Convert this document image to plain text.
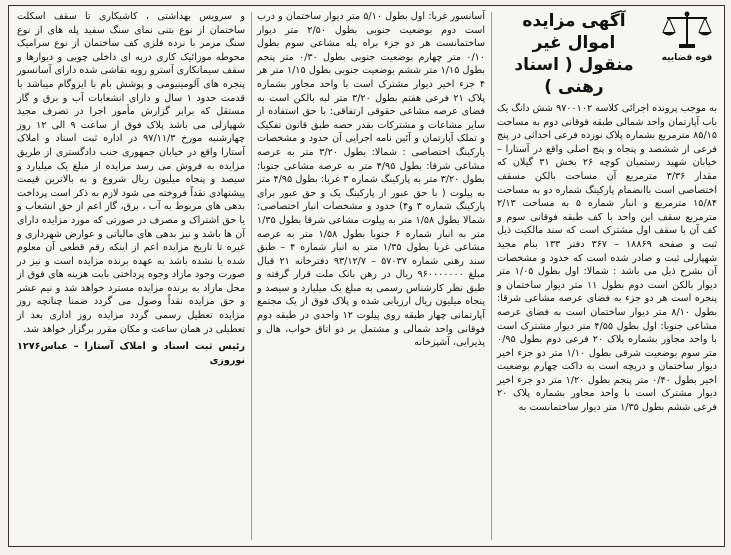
قوه قضاییه
آگهی مزایده اموال غیر
منقول ( اسناد رهنی )

به موجب پرونده اجرائی کلاسه ۹۷۰۰۱۰۲ شش دانگ یک باب آپارتمان واحد شمالی طبقه فوقانی دوم به مساحت ۸۵/۱۵ مترمربع بشماره پلاک نوزده فرعی احداثی در پنج فرعی از ششصد و پنجاه و پنج اصلی واقع در آستارا – خیابان شهید رستمیان کوچه ۲۶ بخش ۳۱ گیلان که مقدار ۳/۳۶ مترمربع آن مساحت بالکن مسقف اختصاصی است باانضمام پارکینگ شماره دو به مساحت ۱۵/۸۴ مترمربع و انبار شماره ۵ به مساحت ۲/۱۳ مترمربع سقف این واحد با کف طبقه فوقانی سوم و کف آن با سقف اول مشترک است که سند مالکیت ذیل ثبت و صفحه ۱۸۸۶۹ – ۳۶۷ دفتر ۱۳۳ بنام مجید شهپازلی ثبت و صادر شده است که حدود و مشخصات آن بشرح ذیل می باشد : شمالا: اول بطول ۱/۰۵ متر دیوار بالکن است دوم بطول ۱۱ متر دیوار ساختمان و پنجره است هر دو جزء به فضای عرصه مشاعی شرقا: بطول ۸/۱۰ متر دیوار ساختمان است به فضای عرصه مشاعی جنوبا: اول بطول ۴/۵۵ متر دیوار مشترک است با واحد مجاور بشماره پلاک ۲۰ فرعی دوم بطول ۰/۹۵ متر سوم بوضعیت شرقی بطول ۱/۱۰ متر دو جزء اخیر دیوار ساختمان و دریچه است به داکت چهارم بوضعیت اخیر بطول ۰/۴۰ متر پنجم بطول ۱/۲۰ متر دو جزء اخیر دیوار مشترک است با واحد مجاور بشماره پلاک ۲۰ فرعی ششم بطول ۱/۳۵ متر دیوار ساختمانست به

آسانسور غربا: اول بطول ۵/۱۰ متر دیوار ساختمان و درب است دوم بوضعیت جنوبی بطول ۲/۵۰ متر دیوار ساختمانست هر دو جزء براه پله مشاعی سوم بطول ۰/۱۰ متر چهارم بوضعیت جنوبی بطول ۰/۳۰ متر پنجم بطول ۱/۱۵ متر ششم بوضعیت جنوبی بطول ۱/۱۵ متر هر ۴ جزء اخیر دیوار مشترک است با واحد مجاور بشماره پلاک ۲۱ فرعی هفتم بطول ۳/۲۰ متر لبه بالکن است به فضای عرصه مشاعی حقوقی ارتفاقی: با حق استفاده از سایر مشاعات و مشترکات بقدر حصه طبق قانون تفکیک و تملک آپارتمان و آئین نامه اجرایی آن حدود و مشخصات پارکینگ اختصاصی : شمالا: بطول ۳/۲۰ متر به عرصه مشاعی شرقا: بطول ۴/۹۵ متر به عرصه مشاعی جنوبا: بطول ۳/۲۰ متر به پارکینگ شماره ۳ غربا: بطول ۴/۹۵ متر به پیلوت ( با حق عبور از پارکینگ یک و حق عبور برای پارکینگ شماره ۳ و۴) حدود و مشخصات انبار اختصاصی: شمالا بطول ۱/۵۸ متر به پیلوت مشاعی شرقا بطول ۱/۳۵ متر به انبار شماره ۶ جنوبا بطول ۱/۵۸ متر به عرصه مشاعی غربا بطول ۱/۳۵ متر به انبار شماره ۴ – طبق سند رهنی شماره ۵۷۰۳۷ – ۹۳/۱۲/۷ دفترخانه ۲۱ قبال مبلغ ۹۶۰۰۰۰۰۰۰ ریال در رهن بانک ملت قرار گرفته و طبق نظر کارشناس رسمی به مبلغ یک میلیارد و سیصد و پنجاه میلیون ریال ارزیابی شده و پلاک فوق از یک مجتمع آپارتمانی چهار طبقه روی پیلوت ۱۲ واحدی در طبقه دوم فوقانی واحد شمالی و مشتمل بر دو اتاق خواب، هال و پذیرایی، آشپزخانه

و سرویس بهداشتی ، کاشیکاری تا سقف اسکلت ساختمان از نوع بتنی نمای سنگ سفید پله های از نوع سنگ مرمر با نرده فلزی کف ساختمان از نوع سرامیک محوطه موزائیک کاری دربه ای داخلی چوبی و دیوارها و سقف سیمانکاری آسترو رویه نقاشی شده دارای آسانسور پنجره های آلومینیومی و پوشش بام با ایزوگام میباشد با قدمت حدود ۱ سال و دارای انشعابات آب و برق و گاز مستقل که برابر گزارش مأمور اجرا در تصرف مجید شهپازلی می باشد پلاک فوق از ساعت ۹ الی ۱۲ روز چهارشنبه مورخ ۹۷/۱۱/۳ در اداره ثبت اسناد و املاک آستارا واقع در خیابان جمهوری جنب دادگستری از طریق مزایده به فروش می رسد مزایده از مبلغ یک میلیارد و سیصد و پنجاه میلیون ریال شروع و به بالاترین قیمت پیشنهادی نقداً فروخته می شود لازم به ذکر است پرداخت بدهی های مربوط به آب ، برق، گاز اعم از حق انشعاب و یا حق اشتراک و مصرف در صورتی که مورد مزایده دارای آن ها باشد و نیز بدهی های مالیاتی و عوارض شهرداری و غیره تا تاریخ مزایده اعم از اینکه رقم قطعی آن معلوم شده یا نشده باشد به عهده برنده مزایده است و نیز در صورت وجود مازاد وجوه پرداختی بابت هزینه های فوق از محل مازاد به برنده مزایده مسترد خواهد شد و نیم عشر و حق مزایده نقداً وصول می گردد ضمنا چنانچه روز مزایده تعطیل رسمی گردد مزایده روز اداری بعد از تعطیلی در همان ساعت و مکان مقرر برگزار خواهد شد.

رئیس ثبت اسناد و املاک آستارا – عباس نوروزی
۱۲۷۶
